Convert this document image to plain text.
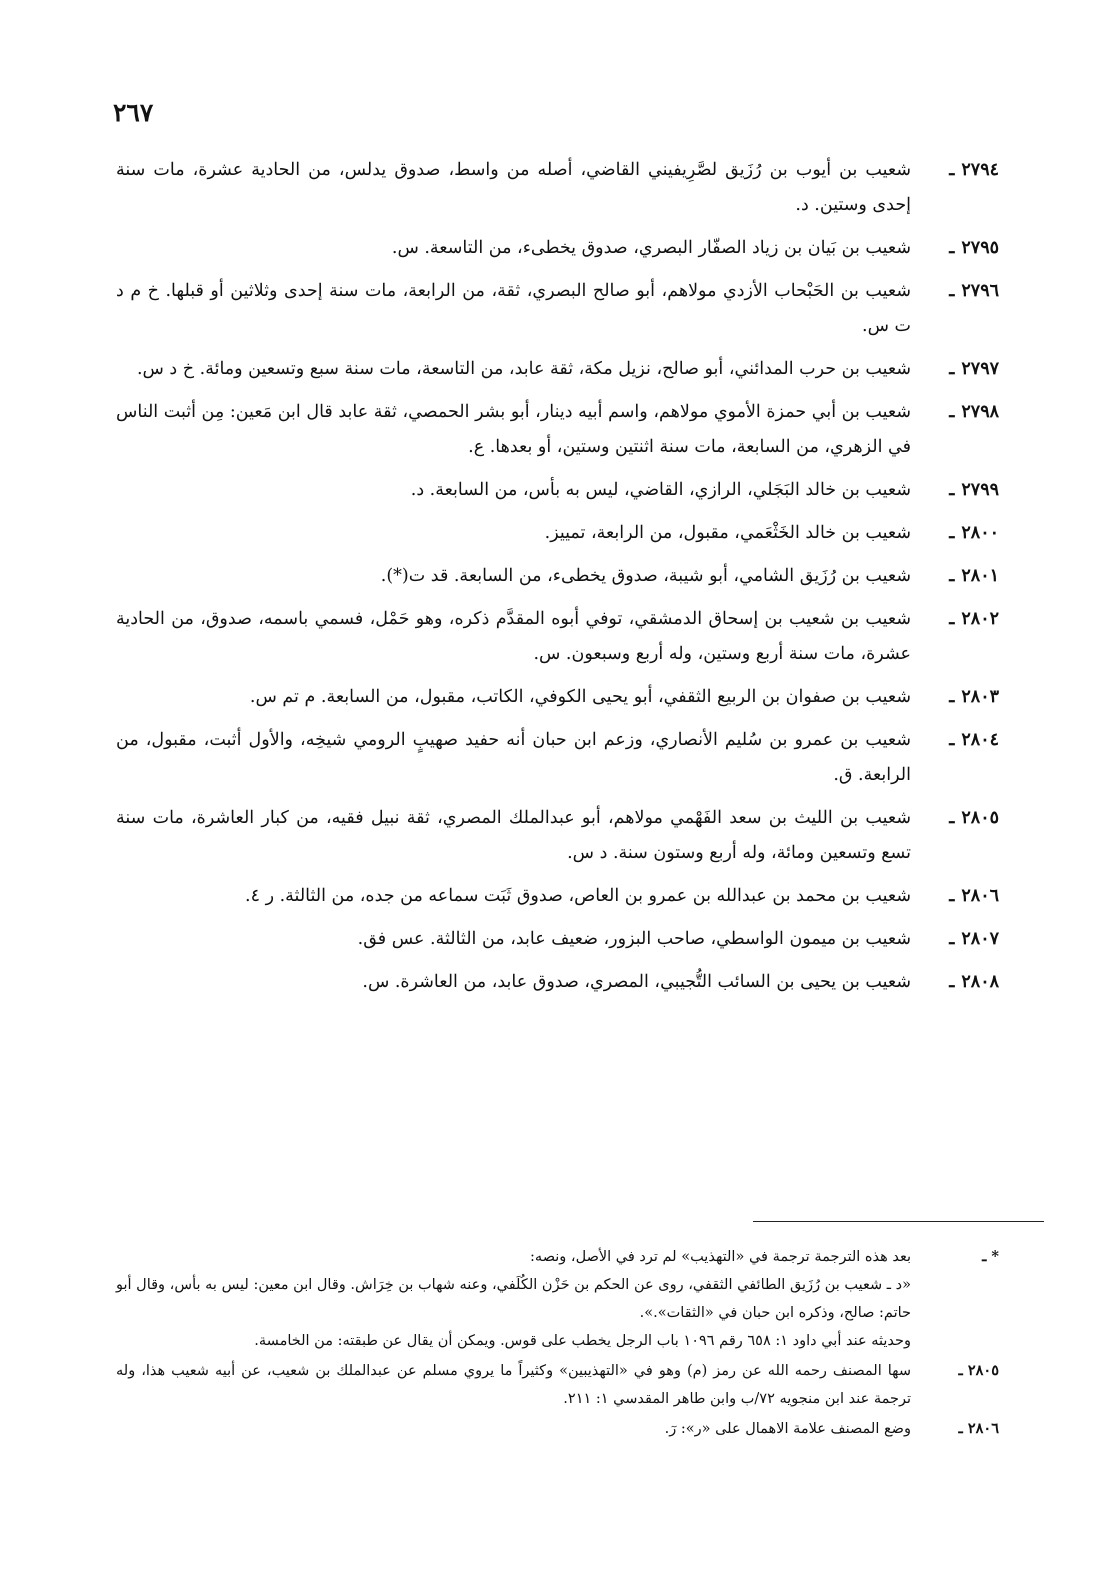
٢٦٧
٢٧٩٤ـ
شعيب بن أيوب بن رُزَيق لصَّرِيفيني القاضي، أصله من واسط، صدوق يدلس، من الحادية عشرة، مات سنة إحدى وستين. د.
٢٧٩٥ـ
شعيب بن بَيان بن زياد الصفّار البصري، صدوق يخطىء، من التاسعة. س.
٢٧٩٦ـ
شعيب بن الحَبْحاب الأزدي مولاهم، أبو صالح البصري، ثقة، من الرابعة، مات سنة إحدى وثلاثين أو قبلها. خ م د ت س.
٢٧٩٧ـ
شعيب بن حرب المدائني، أبو صالح، نزيل مكة، ثقة عابد، من التاسعة، مات سنة سبع وتسعين ومائة. خ د س.
٢٧٩٨ـ
شعيب بن أبي حمزة الأموي مولاهم، واسم أبيه دينار، أبو بشر الحمصي، ثقة عابد قال ابن مَعين: مِن أثبت الناس في الزهري، من السابعة، مات سنة اثنتين وستين، أو بعدها. ع.
٢٧٩٩ـ
شعيب بن خالد البَجَلي، الرازي، القاضي، ليس به بأس، من السابعة. د.
٢٨٠٠ـ
شعيب بن خالد الخَثْعَمي، مقبول، من الرابعة، تمييز.
٢٨٠١ـ
شعيب بن رُزَيق الشامي، أبو شيبة، صدوق يخطىء، من السابعة. قد ت(*).
٢٨٠٢ـ
شعيب بن شعيب بن إسحاق الدمشقي، توفي أبوه المقدَّم ذكره، وهو حَمْل، فسمي باسمه، صدوق، من الحادية عشرة، مات سنة أربع وستين، وله أربع وسبعون. س.
٢٨٠٣ـ
شعيب بن صفوان بن الربيع الثقفي، أبو يحيى الكوفي، الكاتب، مقبول، من السابعة. م تم س.
٢٨٠٤ـ
شعيب بن عمرو بن سُليم الأنصاري، وزعم ابن حبان أنه حفيد صهيبٍ الرومي شيخِه، والأول أثبت، مقبول، من الرابعة. ق.
٢٨٠٥ـ
شعيب بن الليث بن سعد الفَهْمي مولاهم، أبو عبدالملك المصري، ثقة نبيل فقيه، من كبار العاشرة، مات سنة تسع وتسعين ومائة، وله أربع وستون سنة. د س.
٢٨٠٦ـ
شعيب بن محمد بن عبدالله بن عمرو بن العاص، صدوق ثَبَت سماعه من جده، من الثالثة. ر ٤.
٢٨٠٧ـ
شعيب بن ميمون الواسطي، صاحب البزور، ضعيف عابد، من الثالثة. عس فق.
٢٨٠٨ـ
شعيب بن يحيى بن السائب التُّجيبي، المصري، صدوق عابد، من العاشرة. س.
* ـ
بعد هذه الترجمة ترجمة في «التهذيب» لم ترد في الأصل، ونصه:
«د ـ شعيب بن رُزَيق الطائفي الثقفي، روى عن الحكم بن حَزْن الكُلَفي، وعنه شهاب بن خِرَاش. وقال ابن معين: ليس به بأس، وقال أبو حاتم: صالح، وذكره ابن حبان في «الثقات».».
وحديثه عند أبي داود ١: ٦٥٨ رقم ١٠٩٦ باب الرجل يخطب على قوس. ويمكن أن يقال عن طبقته: من الخامسة.
٢٨٠٥ ـ
سها المصنف رحمه الله عن رمز (م) وهو في «التهذيبين» وكثيراً ما يروي مسلم عن عبدالملك بن شعيب، عن أبيه شعيب هذا، وله ترجمة عند ابن منجويه ٧٢/ب وابن طاهر المقدسي ١: ٢١١.
٢٨٠٦ ـ
وضع المصنف علامة الاهمال على «ر»: رٓ.
